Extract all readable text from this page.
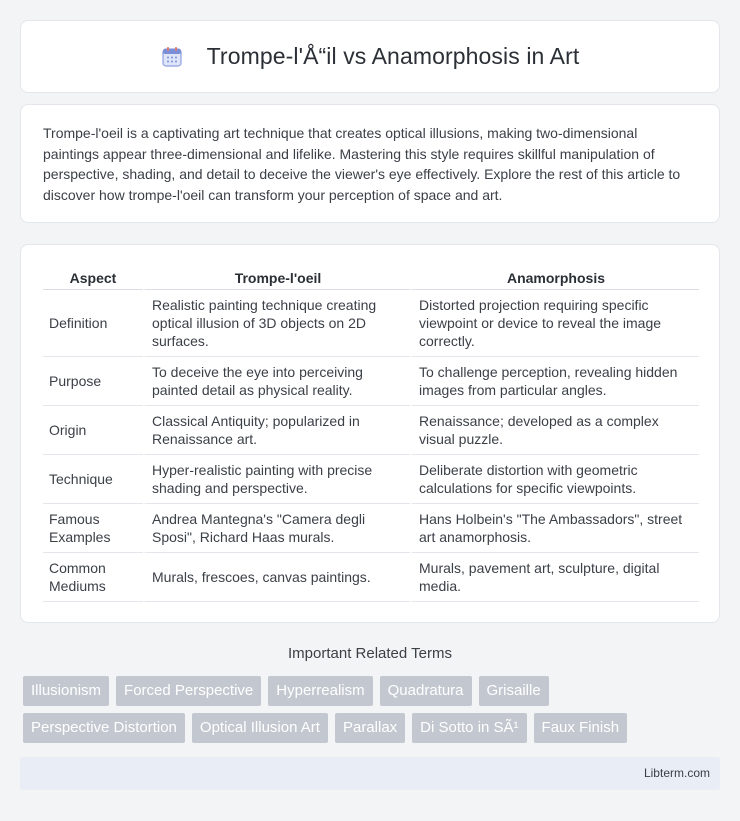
Trompe-l'Å“il vs Anamorphosis in Art

Trompe-l'oeil is a captivating art technique that creates optical illusions, making two-dimensional paintings appear three-dimensional and lifelike. Mastering this style requires skillful manipulation of perspective, shading, and detail to deceive the viewer's eye effectively. Explore the rest of this article to discover how trompe-l'oeil can transform your perception of space and art.

Aspect	Trompe-l'oeil	Anamorphosis
Definition	Realistic painting technique creating optical illusion of 3D objects on 2D surfaces.	Distorted projection requiring specific viewpoint or device to reveal the image correctly.
Purpose	To deceive the eye into perceiving painted detail as physical reality.	To challenge perception, revealing hidden images from particular angles.
Origin	Classical Antiquity; popularized in Renaissance art.	Renaissance; developed as a complex visual puzzle.
Technique	Hyper-realistic painting with precise shading and perspective.	Deliberate distortion with geometric calculations for specific viewpoints.
Famous Examples	Andrea Mantegna's "Camera degli Sposi", Richard Haas murals.	Hans Holbein's "The Ambassadors", street art anamorphosis.
Common Mediums	Murals, frescoes, canvas paintings.	Murals, pavement art, sculpture, digital media.
Important Related Terms
Illusionism	Forced Perspective	Hyperrealism	Quadratura	Grisaille
Perspective Distortion	Optical Illusion Art	Parallax	Di Sotto in SÃ¹	Faux Finish
Libterm.com
